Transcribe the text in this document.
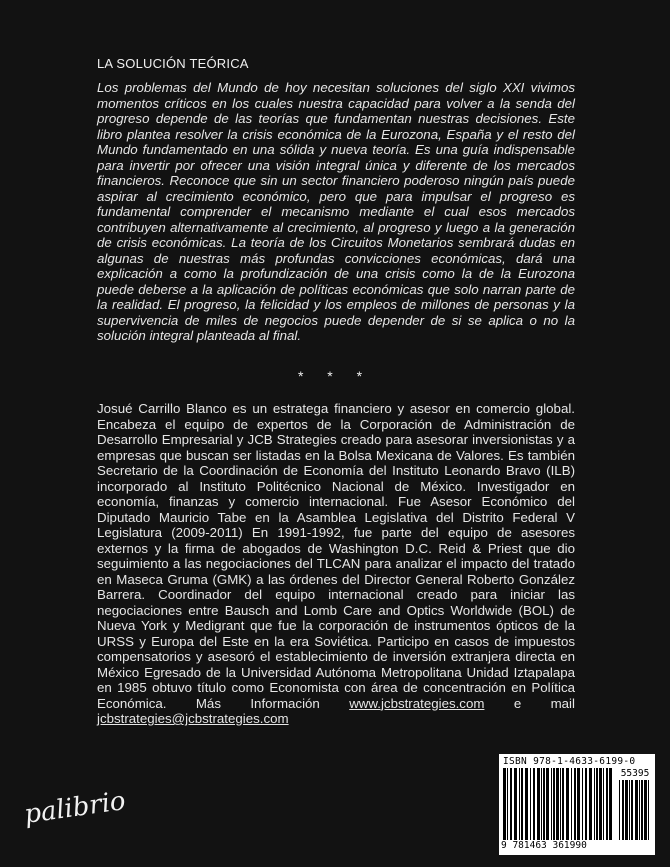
LA SOLUCIÓN TEÓRICA

Los problemas del Mundo de hoy necesitan soluciones del siglo XXI vivimos momentos críticos en los cuales nuestra capacidad para volver a la senda del progreso depende de las teorías que fundamentan nuestras decisiones. Este libro plantea resolver la crisis económica de la Eurozona, España y el resto del Mundo fundamentado en una sólida y nueva teoría. Es una guía indispensable para invertir por ofrecer una visión integral única y diferente de los mercados financieros. Reconoce que sin un sector financiero poderoso ningún país puede aspirar al crecimiento económico, pero que para impulsar el progreso es fundamental comprender el mecanismo mediante el cual esos mercados contribuyen alternativamente al crecimiento, al progreso y luego a la generación de crisis económicas. La teoría de los Circuitos Monetarios sembrará dudas en algunas de nuestras más profundas convicciones económicas, dará una explicación a como la profundización de una crisis como la de la Eurozona puede deberse a la aplicación de políticas económicas que solo narran parte de la realidad. El progreso, la felicidad y los empleos de millones de personas y la supervivencia de miles de negocios puede depender de si se aplica o no la solución integral planteada al final.

* * *

Josué Carrillo Blanco es un estratega financiero y asesor en comercio global. Encabeza el equipo de expertos de la Corporación de Administración de Desarrollo Empresarial y JCB Strategies creado para asesorar inversionistas y a empresas que buscan ser listadas en la Bolsa Mexicana de Valores. Es también Secretario de la Coordinación de Economía del Instituto Leonardo Bravo (ILB) incorporado al Instituto Politécnico Nacional de México. Investigador en economía, finanzas y comercio internacional. Fue Asesor Económico del Diputado Mauricio Tabe en la Asamblea Legislativa del Distrito Federal V Legislatura (2009-2011) En 1991-1992, fue parte del equipo de asesores externos y la firma de abogados de Washington D.C. Reid & Priest que dio seguimiento a las negociaciones del TLCAN para analizar el impacto del tratado en Maseca Gruma (GMK) a las órdenes del Director General Roberto González Barrera. Coordinador del equipo internacional creado para iniciar las negociaciones entre Bausch and Lomb Care and Optics Worldwide (BOL) de Nueva York y Medigrant que fue la corporación de instrumentos ópticos de la URSS y Europa del Este en la era Soviética. Participo en casos de impuestos compensatorios y asesoró el establecimiento de inversión extranjera directa en México Egresado de la Universidad Autónoma Metropolitana Unidad Iztapalapa en 1985 obtuvo título como Economista con área de concentración en Política Económica. Más Información www.jcbstrategies.com e mail jcbstrategies@jcbstrategies.com

palibrio
ISBN 978-1-4633-6199-0
55395
9 781463 361990
